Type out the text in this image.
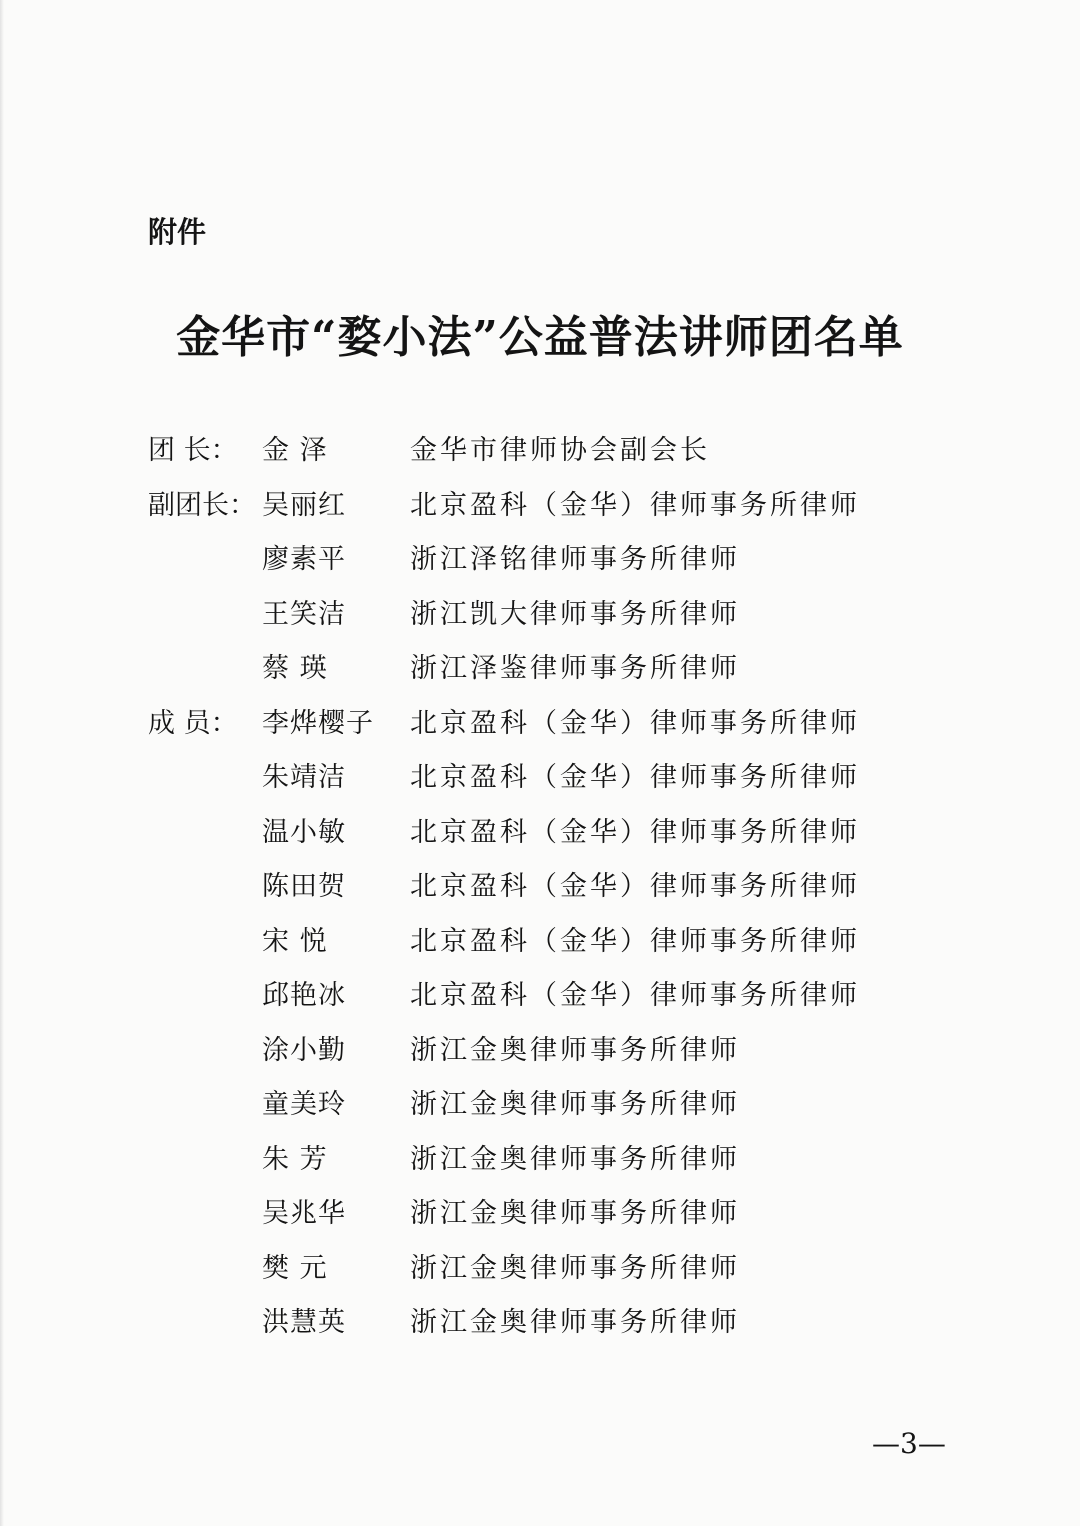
附件
金华市“婺小法”公益普法讲师团名单
团 长： 金 泽	金华市律师协会副会长
副团长： 吴丽红	北京盈科（金华）律师事务所律师
廖素平	浙江泽铭律师事务所律师
王笑洁	浙江凯大律师事务所律师
蔡 瑛	浙江泽鉴律师事务所律师
成 员： 李烨樱子	北京盈科（金华）律师事务所律师
朱靖洁	北京盈科（金华）律师事务所律师
温小敏	北京盈科（金华）律师事务所律师
陈田贺	北京盈科（金华）律师事务所律师
宋 悦	北京盈科（金华）律师事务所律师
邱艳冰	北京盈科（金华）律师事务所律师
涂小勤	浙江金奥律师事务所律师
童美玲	浙江金奥律师事务所律师
朱 芳	浙江金奥律师事务所律师
吴兆华	浙江金奥律师事务所律师
樊 元	浙江金奥律师事务所律师
洪慧英	浙江金奥律师事务所律师
—3—
